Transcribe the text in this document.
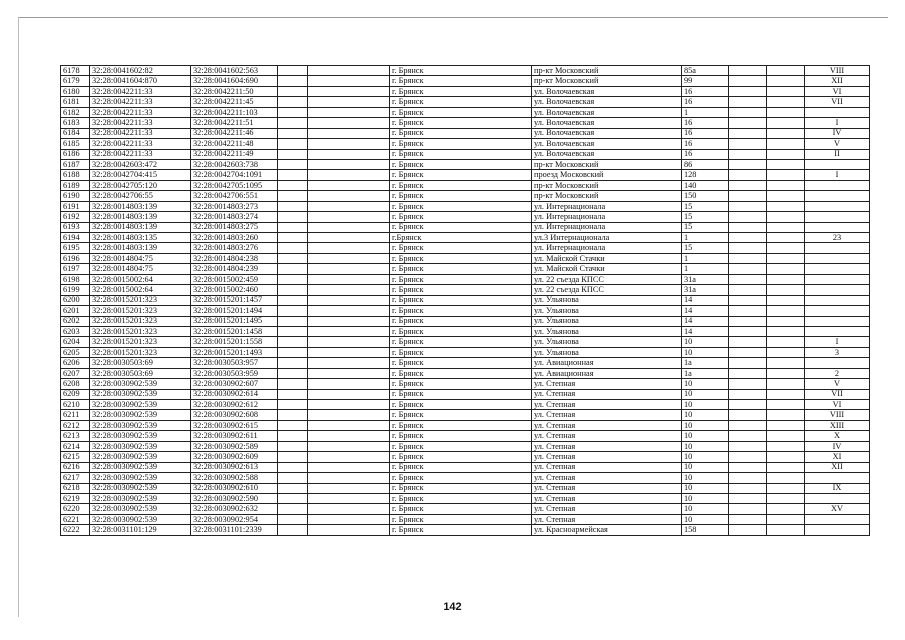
6178	32:28:0041602:82	32:28:0041602:563			г. Брянск	пр-кт Московский	85а			VIII
6179	32:28:0041604:870	32:28:0041604:690			г. Брянск	пр-кт Московский	99			XII
6180	32:28:0042211:33	32:28:0042211:50			г. Брянск	ул. Волочаевская	16			VI
6181	32:28:0042211:33	32:28:0042211:45			г. Брянск	ул. Волочаевская	16			VII
6182	32:28:0042211:33	32:28:0042211:103			г. Брянск	ул. Волочаевская	1			
6183	32:28:0042211:33	32:28:0042211:51			г. Брянск	ул. Волочаевская	16			I
6184	32:28:0042211:33	32:28:0042211:46			г. Брянск	ул. Волочаевская	16			IV
6185	32:28:0042211:33	32:28:0042211:48			г. Брянск	ул. Волочаевская	16			V
6186	32:28:0042211:33	32:28:0042211:49			г. Брянск	ул. Волочаевская	16			II
6187	32:28:0042603:472	32:28:0042603:738			г. Брянск	пр-кт Московский	86			
6188	32:28:0042704:415	32:28:0042704:1091			г. Брянск	проезд Московский	128			I
6189	32:28:0042705:120	32:28:0042705:1095			г. Брянск	пр-кт Московский	140			
6190	32:28:0042706:55	32:28:0042706:551			г. Брянск	пр-кт Московский	150			
6191	32:28:0014803:139	32:28:0014803:273			г. Брянск	ул. Интернационала	15			
6192	32:28:0014803:139	32:28:0014803:274			г. Брянск	ул. Интернационала	15			
6193	32:28:0014803:139	32:28:0014803:275			г. Брянск	ул. Интернационала	15			
6194	32:28:0014803:135	32:28:0014803:260			г.Брянск	ул.3 Интернационала	1			23
6195	32:28:0014803:139	32:28:0014803:276			г. Брянск	ул. Интернационала	15			
6196	32:28:0014804:75	32:28:0014804:238			г. Брянск	ул. Майской Стачки	1			
6197	32:28:0014804:75	32:28:0014804:239			г. Брянск	ул. Майской Стачки	1			
6198	32:28:0015002:64	32:28:0015002:459			г. Брянск	ул. 22 съезда КПСС	31а			
6199	32:28:0015002:64	32:28:0015002:460			г. Брянск	ул. 22 съезда КПСС	31а			
6200	32:28:0015201:323	32:28:0015201:1457			г. Брянск	ул. Ульянова	14			
6201	32:28:0015201:323	32:28:0015201:1494			г. Брянск	ул. Ульянова	14			
6202	32:28:0015201:323	32:28:0015201:1495			г. Брянск	ул. Ульянова	14			
6203	32:28:0015201:323	32:28:0015201:1458			г. Брянск	ул. Ульянова	14			
6204	32:28:0015201:323	32:28:0015201:1558			г. Брянск	ул. Ульянова	10			I
6205	32:28:0015201:323	32:28:0015201:1493			г. Брянск	ул. Ульянова	10			3
6206	32:28:0030503:69	32:28:0030503:957			г. Брянск	ул. Авиационная	1а			
6207	32:28:0030503:69	32:28:0030503:959			г. Брянск	ул. Авиационная	1а			2
6208	32:28:0030902:539	32:28:0030902:607			г. Брянск	ул. Степная	10			V
6209	32:28:0030902:539	32:28:0030902:614			г. Брянск	ул. Степная	10			VII
6210	32:28:0030902:539	32:28:0030902:612			г. Брянск	ул. Степная	10			VI
6211	32:28:0030902:539	32:28:0030902:608			г. Брянск	ул. Степная	10			VIII
6212	32:28:0030902:539	32:28:0030902:615			г. Брянск	ул. Степная	10			XIII
6213	32:28:0030902:539	32:28:0030902:611			г. Брянск	ул. Степная	10			X
6214	32:28:0030902:539	32:28:0030902:589			г. Брянск	ул. Степная	10			IV
6215	32:28:0030902:539	32:28:0030902:609			г. Брянск	ул. Степная	10			XI
6216	32:28:0030902:539	32:28:0030902:613			г. Брянск	ул. Степная	10			XII
6217	32:28:0030902:539	32:28:0030902:588			г. Брянск	ул. Степная	10			
6218	32:28:0030902:539	32:28:0030902:610			г. Брянск	ул. Степная	10			IX
6219	32:28:0030902:539	32:28:0030902:590			г. Брянск	ул. Степная	10			
6220	32:28:0030902:539	32:28:0030902:632			г. Брянск	ул. Степная	10			XV
6221	32:28:0030902:539	32:28:0030902:954			г. Брянск	ул. Степная	10			
6222	32:28:0031101:129	32:28:0031101:2339			г. Брянск	ул. Красноармейская	158			
142
